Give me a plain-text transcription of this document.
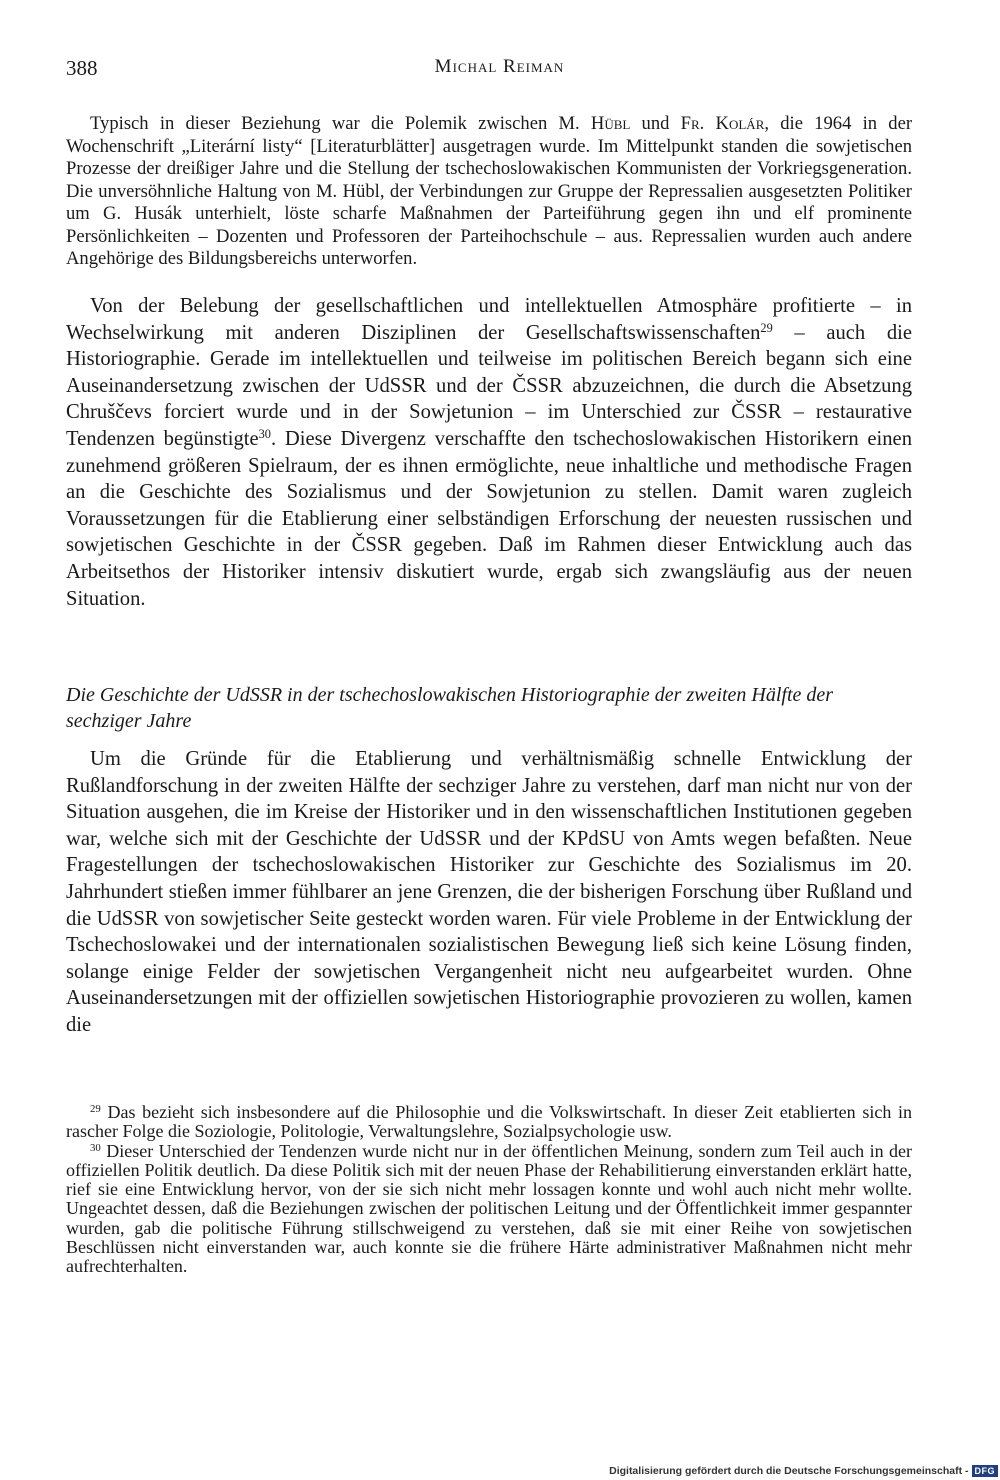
388	Michal Reiman

Typisch in dieser Beziehung war die Polemik zwischen M. Hübl und Fr. Kolár, die 1964 in der Wochenschrift „Literární listy“ [Literaturblätter] ausgetragen wurde. Im Mittelpunkt standen die sowjetischen Prozesse der dreißiger Jahre und die Stellung der tschechoslowakischen Kommunisten der Vorkriegsgeneration. Die unversöhnliche Haltung von M. Hübl, der Verbindungen zur Gruppe der Repressalien ausgesetzten Politiker um G. Husák unterhielt, löste scharfe Maßnahmen der Parteiführung gegen ihn und elf prominente Persönlichkeiten – Dozenten und Professoren der Parteihochschule – aus. Repressalien wurden auch andere Angehörige des Bildungsbereichs unterworfen.

Von der Belebung der gesellschaftlichen und intellektuellen Atmosphäre profitierte – in Wechselwirkung mit anderen Disziplinen der Gesellschaftswissenschaften$^{29}$ – auch die Historiographie. Gerade im intellektuellen und teilweise im politischen Bereich begann sich eine Auseinandersetzung zwischen der UdSSR und der ČSSR abzuzeichnen, die durch die Absetzung Chruščevs forciert wurde und in der Sowjetunion – im Unterschied zur ČSSR – restaurative Tendenzen begünstigte$^{30}$. Diese Divergenz verschaffte den tschechoslowakischen Historikern einen zunehmend größeren Spielraum, der es ihnen ermöglichte, neue inhaltliche und methodische Fragen an die Geschichte des Sozialismus und der Sowjetunion zu stellen. Damit waren zugleich Voraussetzungen für die Etablierung einer selbständigen Erforschung der neuesten russischen und sowjetischen Geschichte in der ČSSR gegeben. Daß im Rahmen dieser Entwicklung auch das Arbeitsethos der Historiker intensiv diskutiert wurde, ergab sich zwangsläufig aus der neuen Situation.

Die Geschichte der UdSSR in der tschechoslowakischen Historiographie der zweiten Hälfte der sechziger Jahre

Um die Gründe für die Etablierung und verhältnismäßig schnelle Entwicklung der Rußlandforschung in der zweiten Hälfte der sechziger Jahre zu verstehen, darf man nicht nur von der Situation ausgehen, die im Kreise der Historiker und in den wissenschaftlichen Institutionen gegeben war, welche sich mit der Geschichte der UdSSR und der KPdSU von Amts wegen befaßten. Neue Fragestellungen der tschechoslowakischen Historiker zur Geschichte des Sozialismus im 20. Jahrhundert stießen immer fühlbarer an jene Grenzen, die der bisherigen Forschung über Rußland und die UdSSR von sowjetischer Seite gesteckt worden waren. Für viele Probleme in der Entwicklung der Tschechoslowakei und der internationalen sozialistischen Bewegung ließ sich keine Lösung finden, solange einige Felder der sowjetischen Vergangenheit nicht neu aufgearbeitet wurden. Ohne Auseinandersetzungen mit der offiziellen sowjetischen Historiographie provozieren zu wollen, kamen die

$^{29}$ Das bezieht sich insbesondere auf die Philosophie und die Volkswirtschaft. In dieser Zeit etablierten sich in rascher Folge die Soziologie, Politologie, Verwaltungslehre, Sozialpsychologie usw.

$^{30}$ Dieser Unterschied der Tendenzen wurde nicht nur in der öffentlichen Meinung, sondern zum Teil auch in der offiziellen Politik deutlich. Da diese Politik sich mit der neuen Phase der Rehabilitierung einverstanden erklärt hatte, rief sie eine Entwicklung hervor, von der sie sich nicht mehr lossagen konnte und wohl auch nicht mehr wollte. Ungeachtet dessen, daß die Beziehungen zwischen der politischen Leitung und der Öffentlichkeit immer gespannter wurden, gab die politische Führung stillschweigend zu verstehen, daß sie mit einer Reihe von sowjetischen Beschlüssen nicht einverstanden war, auch konnte sie die frühere Härte administrativer Maßnahmen nicht mehr aufrechterhalten.

Digitalisierung gefördert durch die Deutsche Forschungsgemeinschaft - DFG
